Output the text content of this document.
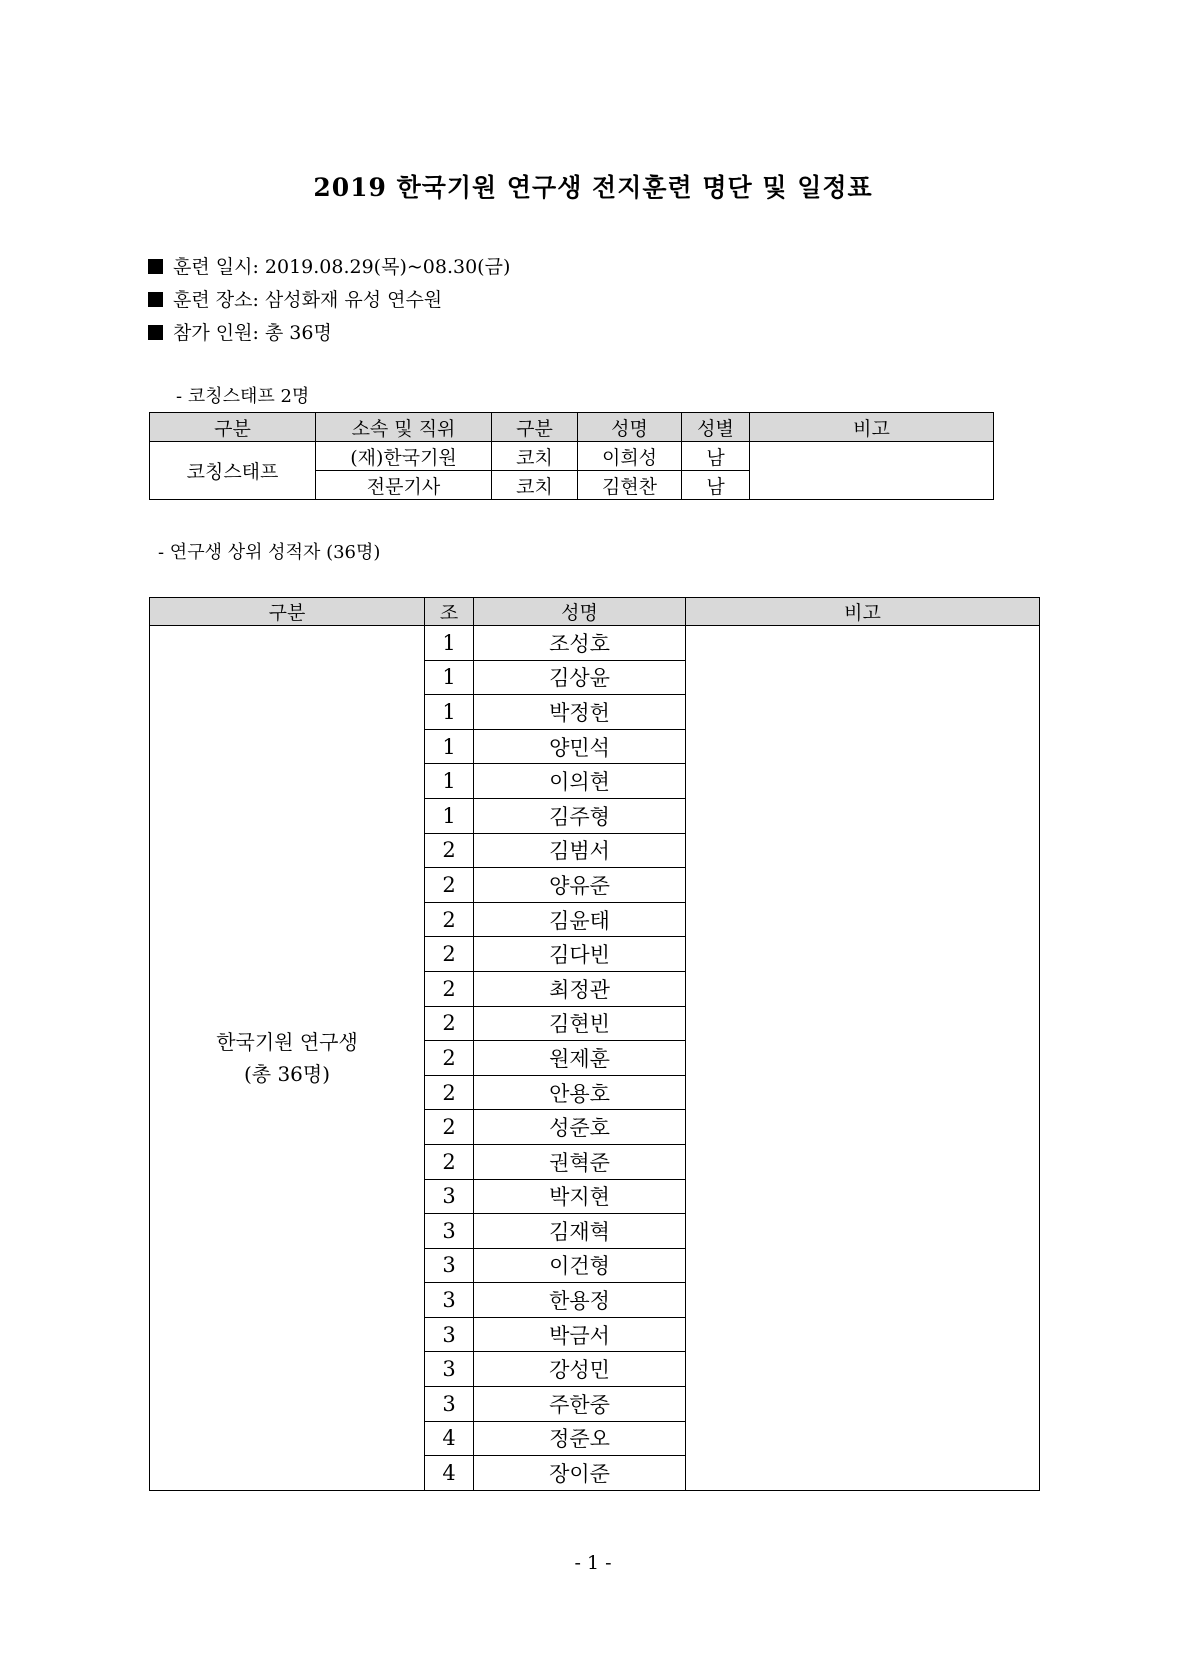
2019 한국기원 연구생 전지훈련 명단 및 일정표
훈련 일시: 2019.08.29(목)~08.30(금)
훈련 장소: 삼성화재 유성 연수원
참가 인원: 총 36명
- 코칭스태프 2명
구분	소속 및 직위	구분	성명	성별	비고
코칭스태프	(재)한국기원	코치	이희성	남	
	전문기사	코치	김현찬	남	
- 연구생 상위 성적자 (36명)
구분	조	성명	비고

한국기원 연구생
(총 36명)	1	조성호	
	1	김상윤	
	1	박정헌	
	1	양민석	
	1	이의현	
	1	김주형	
	2	김범서	
	2	양유준	
	2	김윤태	
	2	김다빈	
	2	최정관	
	2	김현빈	
	2	원제훈	
	2	안용호	
	2	성준호	
	2	권혁준	
	3	박지현	
	3	김재혁	
	3	이건형	
	3	한용정	
	3	박금서	
	3	강성민	
	3	주한중	
	4	정준오	
	4	장이준	
- 1 -
